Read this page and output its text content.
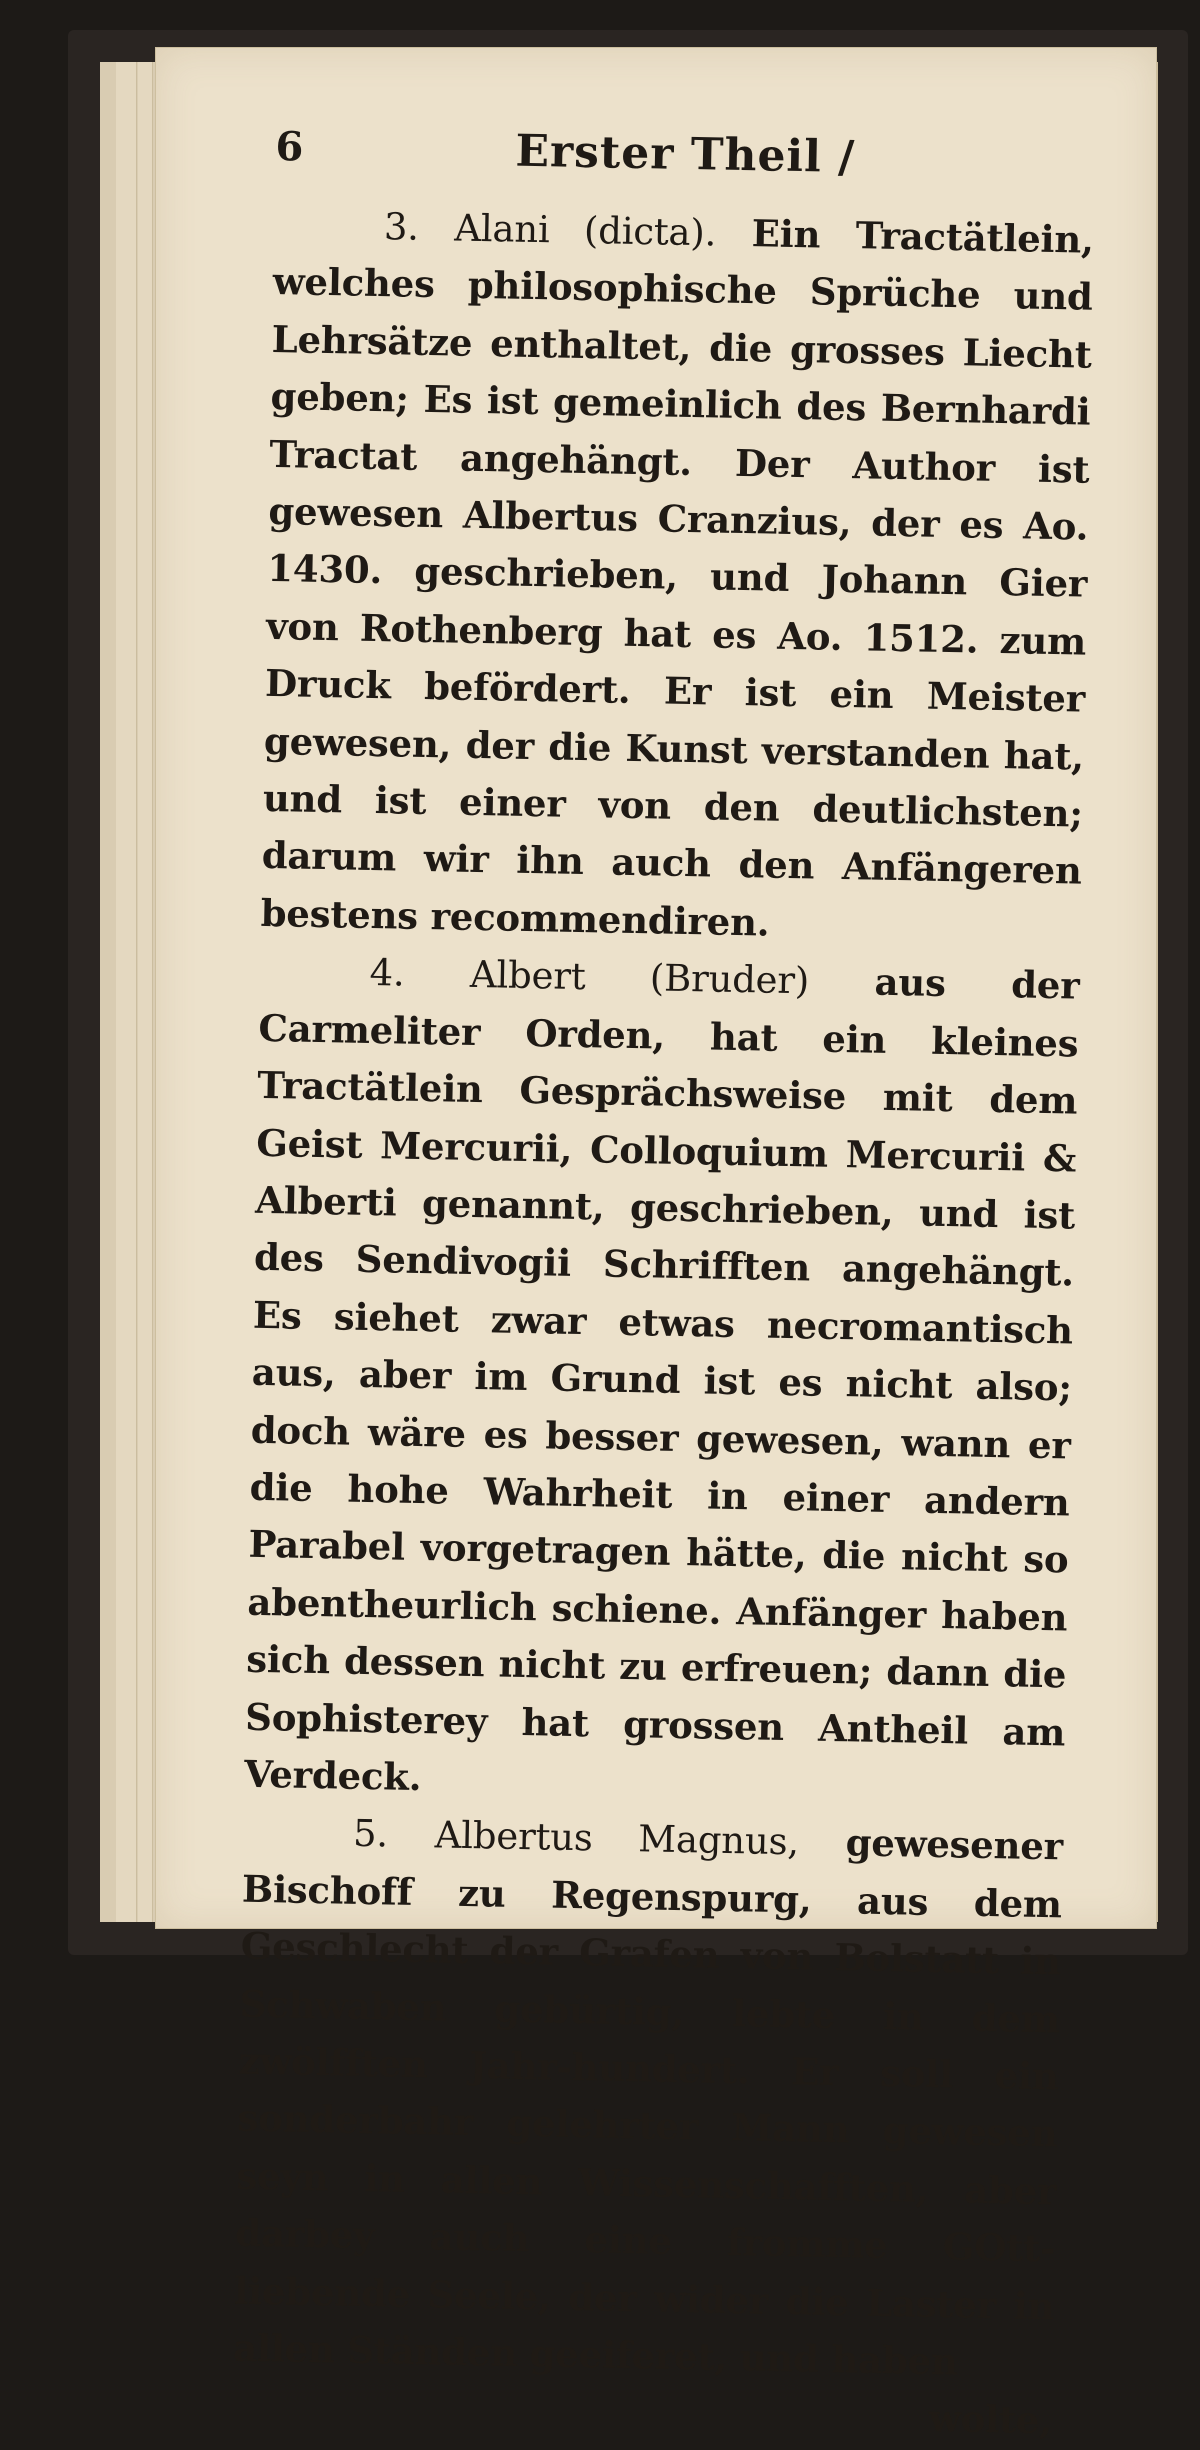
6	Erster Theil /

3. Alani (dicta). Ein Tractätlein, welches philosophische Sprüche und Lehrsätze enthaltet, die grosses Liecht geben; Es ist gemeinlich des Bernhardi Tractat angehängt. Der Author ist gewesen Albertus Cranzius, der es Ao. 1430. geschrieben, und Johann Gier von Rothenberg hat es Ao. 1512. zum Druck befördert. Er ist ein Meister gewesen, der die Kunst verstanden hat, und ist einer von den deutlichsten; darum wir ihn auch den Anfängeren bestens recommendiren.

4. Albert (Bruder) aus der Carmeliter Orden, hat ein kleines Tractätlein Gesprächsweise mit dem Geist Mercurii, Colloquium Mercurii & Alberti genannt, geschrieben, und ist des Sendivogii Schrifften angehängt. Es siehet zwar etwas necromantisch aus, aber im Grund ist es nicht also; doch wäre es besser gewesen, wann er die hohe Wahrheit in einer andern Parabel vorgetragen hätte, die nicht so abentheurlich schiene. Anfänger haben sich dessen nicht zu erfreuen; dann die Sophisterey hat grossen Antheil am Verdeck.

5. Albertus Magnus, gewesener Bischoff zu Regenspurg, aus dem Geschlecht der Grafen von Bolstatt in Schwaben gebürtig, lebte in dem zwölfften Jahr-hundert. Er soll ein sonderbahr gelehrter Mann gewesen seyn in allen Wissenschafften, aber darbey auch eine fromme GOtt-liebende Seele, der wider die Laster in allen Ständen geeiferet, und haben

wolte,
